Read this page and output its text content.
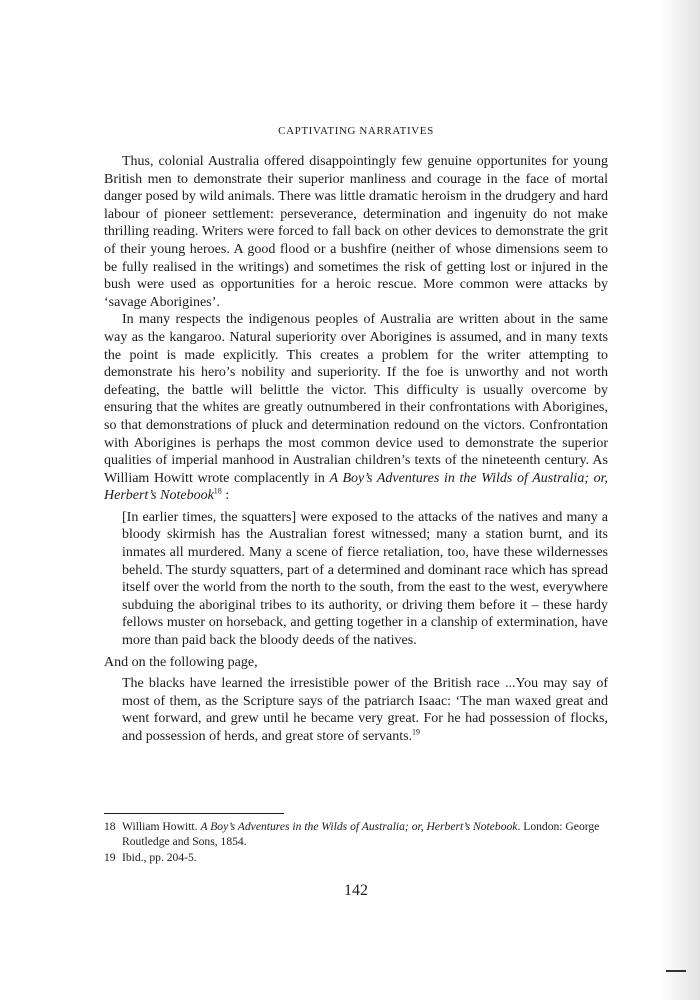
CAPTIVATING NARRATIVES

Thus, colonial Australia offered disappointingly few genuine opportunites for young British men to demonstrate their superior manliness and courage in the face of mortal danger posed by wild animals. There was little dramatic heroism in the drudgery and hard labour of pioneer settlement: perseverance, determination and ingenuity do not make thrilling reading. Writers were forced to fall back on other devices to demonstrate the grit of their young heroes. A good flood or a bushfire (neither of whose dimensions seem to be fully realised in the writings) and sometimes the risk of getting lost or injured in the bush were used as opportunities for a heroic rescue. More common were attacks by ‘savage Aborigines’.

In many respects the indigenous peoples of Australia are written about in the same way as the kangaroo. Natural superiority over Aborigines is assumed, and in many texts the point is made explicitly. This creates a problem for the writer attempting to demonstrate his hero’s nobility and superiority. If the foe is unworthy and not worth defeating, the battle will belittle the victor. This difficulty is usually overcome by ensuring that the whites are greatly outnumbered in their confrontations with Aborigines, so that demonstrations of pluck and determination redound on the victors. Confrontation with Aborigines is perhaps the most common device used to demonstrate the superior qualities of imperial manhood in Australian children’s texts of the nineteenth century. As William Howitt wrote complacently in A Boy’s Adventures in the Wilds of Australia; or, Herbert’s Notebook$^{18}$ :

[In earlier times, the squatters] were exposed to the attacks of the natives and many a bloody skirmish has the Australian forest witnessed; many a station burnt, and its inmates all murdered. Many a scene of fierce retaliation, too, have these wildernesses beheld. The sturdy squatters, part of a determined and dominant race which has spread itself over the world from the north to the south, from the east to the west, everywhere subduing the aboriginal tribes to its authority, or driving them before it – these hardy fellows muster on horseback, and getting together in a clanship of extermination, have more than paid back the bloody deeds of the natives.

And on the following page,

The blacks have learned the irresistible power of the British race ...You may say of most of them, as the Scripture says of the patriarch Isaac: ‘The man waxed great and went forward, and grew until he became very great. For he had possession of flocks, and possession of herds, and great store of servants.$^{19}$

18 William Howitt. A Boy’s Adventures in the Wilds of Australia; or, Herbert’s Notebook. London: George Routledge and Sons, 1854.
19 Ibid., pp. 204-5.
142
